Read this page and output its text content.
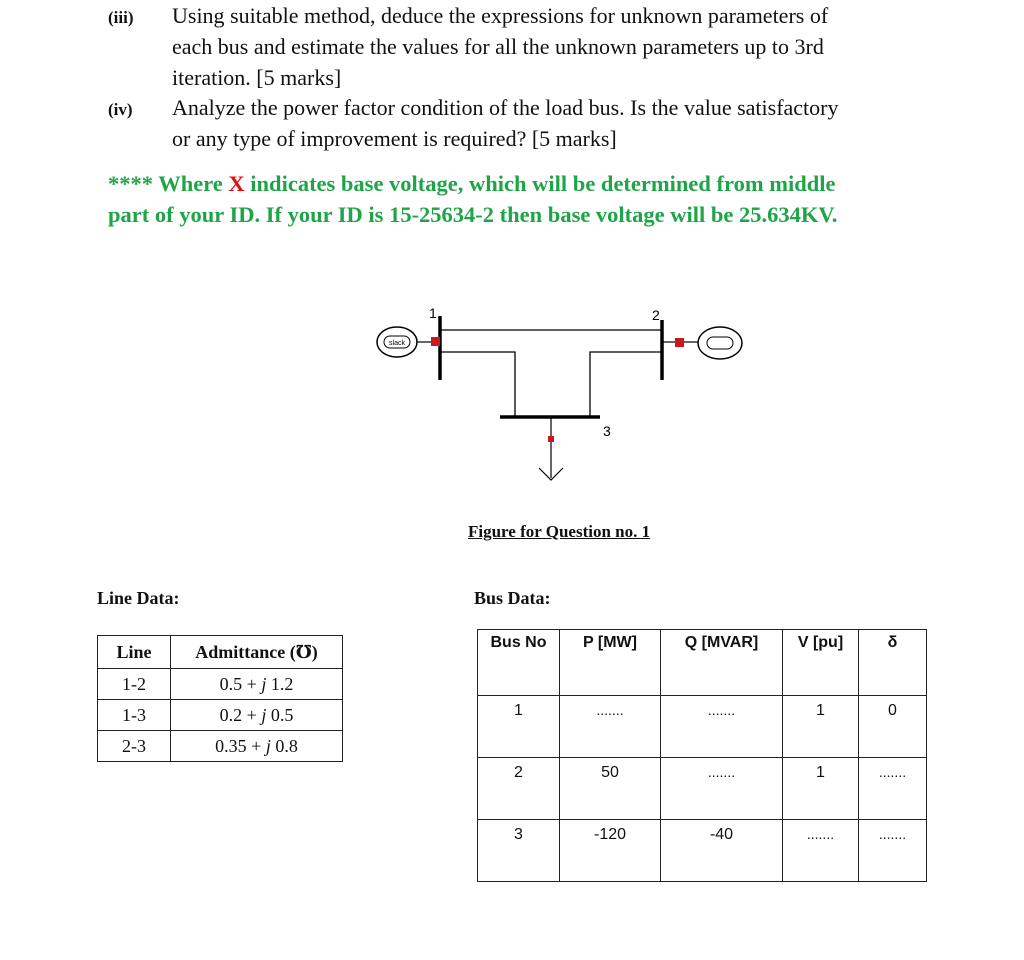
(iii) Using suitable method, deduce the expressions for unknown parameters of
each bus and estimate the values for all the unknown parameters up to 3rd
iteration. [5 marks]
(iv) Analyze the power factor condition of the load bus. Is the value satisfactory
or any type of improvement is required? [5 marks]
**** Where X indicates base voltage, which will be determined from middle
part of your ID. If your ID is 15-25634-2 then base voltage will be 25.634KV.
1	2
3
slack
Figure for Question no. 1
Line Data:
Line	Admittance (℧)
1-2	0.5 + j 1.2
1-3	0.2 + j 0.5
2-3	0.35 + j 0.8
Bus Data:
Bus No	P [MW]	Q [MVAR]	V [pu]	δ
1	.......	.......	1	0
2	50	.......	1	.......
3	-120	-40	.......	.......
